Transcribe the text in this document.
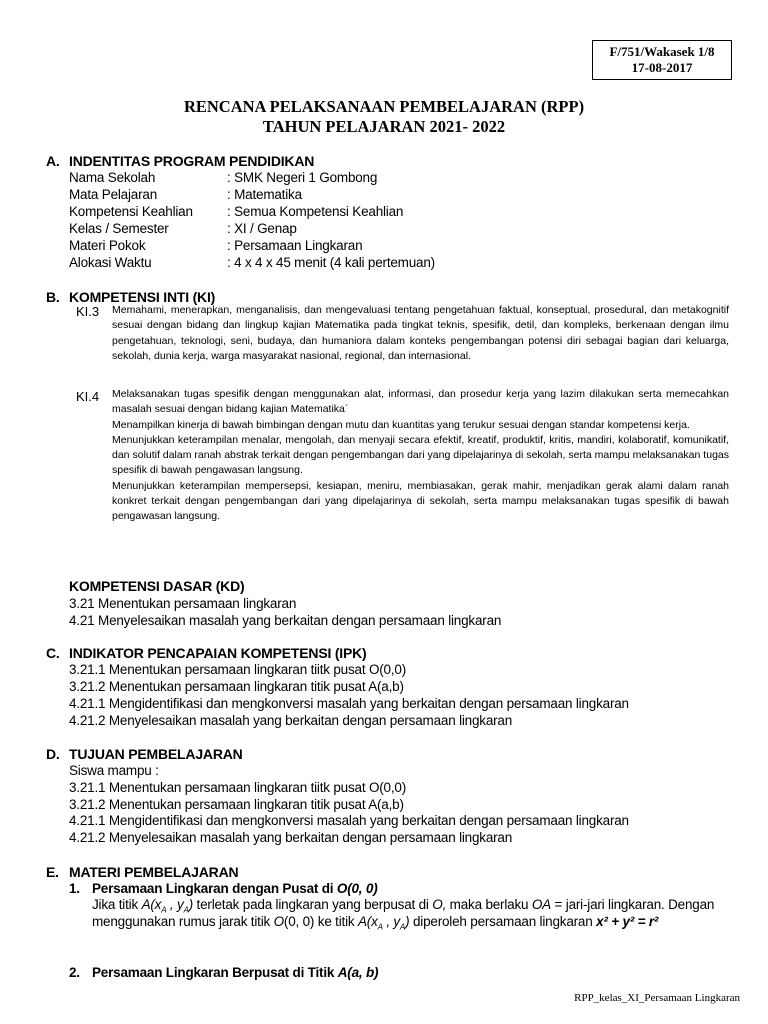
F/751/Wakasek 1/8
17-08-2017
RENCANA PELAKSANAAN PEMBELAJARAN (RPP)
TAHUN PELAJARAN 2021- 2022
A. INDENTITAS PROGRAM PENDIDIKAN
Nama Sekolah	: SMK Negeri 1 Gombong
Mata Pelajaran	: Matematika
Kompetensi Keahlian	: Semua Kompetensi Keahlian
Kelas / Semester	: XI / Genap
Materi Pokok	: Persamaan Lingkaran
Alokasi Waktu	: 4 x 4 x 45 menit (4 kali pertemuan)
B. KOMPETENSI INTI (KI)
KI.3 Memahami, menerapkan, menganalisis, dan mengevaluasi tentang pengetahuan faktual, konseptual, prosedural, dan metakognitif sesuai dengan bidang dan lingkup kajian Matematika pada tingkat teknis, spesifik, detil, dan kompleks, berkenaan dengan ilmu pengetahuan, teknologi, seni, budaya, dan humaniora dalam konteks pengembangan potensi diri sebagai bagian dari keluarga, sekolah, dunia kerja, warga masyarakat nasional, regional, dan internasional.

KI.4 Melaksanakan tugas spesifik dengan menggunakan alat, informasi, dan prosedur kerja yang lazim dilakukan serta memecahkan masalah sesuai dengan bidang kajian Matematika`

Menampilkan kinerja di bawah bimbingan dengan mutu dan kuantitas yang terukur sesuai dengan standar kompetensi kerja.

Menunjukkan keterampilan menalar, mengolah, dan menyaji secara efektif, kreatif, produktif, kritis, mandiri, kolaboratif, komunikatif, dan solutif dalam ranah abstrak terkait dengan pengembangan dari yang dipelajarinya di sekolah, serta mampu melaksanakan tugas spesifik di bawah pengawasan langsung.

Menunjukkan keterampilan mempersepsi, kesiapan, meniru, membiasakan, gerak mahir, menjadikan gerak alami dalam ranah konkret terkait dengan pengembangan dari yang dipelajarinya di sekolah, serta mampu melaksanakan tugas spesifik di bawah pengawasan langsung.

KOMPETENSI DASAR (KD)
3.21 Menentukan persamaan lingkaran
4.21 Menyelesaikan masalah yang berkaitan dengan persamaan lingkaran
C. INDIKATOR PENCAPAIAN KOMPETENSI (IPK)
3.21.1 Menentukan persamaan lingkaran tiitk pusat O(0,0)
3.21.2 Menentukan persamaan lingkaran titik pusat A(a,b)
4.21.1 Mengidentifikasi dan mengkonversi masalah yang berkaitan dengan persamaan lingkaran
4.21.2 Menyelesaikan masalah yang berkaitan dengan persamaan lingkaran
D. TUJUAN PEMBELAJARAN
Siswa mampu :
3.21.1 Menentukan persamaan lingkaran tiitk pusat O(0,0)
3.21.2 Menentukan persamaan lingkaran titik pusat A(a,b)
4.21.1 Mengidentifikasi dan mengkonversi masalah yang berkaitan dengan persamaan lingkaran
4.21.2 Menyelesaikan masalah yang berkaitan dengan persamaan lingkaran
E. MATERI PEMBELAJARAN
1. Persamaan Lingkaran dengan Pusat di O(0, 0)
Jika titik $A(x_A$ , $y_A$) terletak pada lingkaran yang berpusat di O, maka berlaku OA = jari-jari lingkaran. Dengan
menggunakan rumus jarak titik O(0, 0) ke titik $A(x_A$ , $y_A$) diperoleh persamaan lingkaran x² + y² = r²
2. Persamaan Lingkaran Berpusat di Titik A(a, b)
RPP_kelas_XI_Persamaan Lingkaran
